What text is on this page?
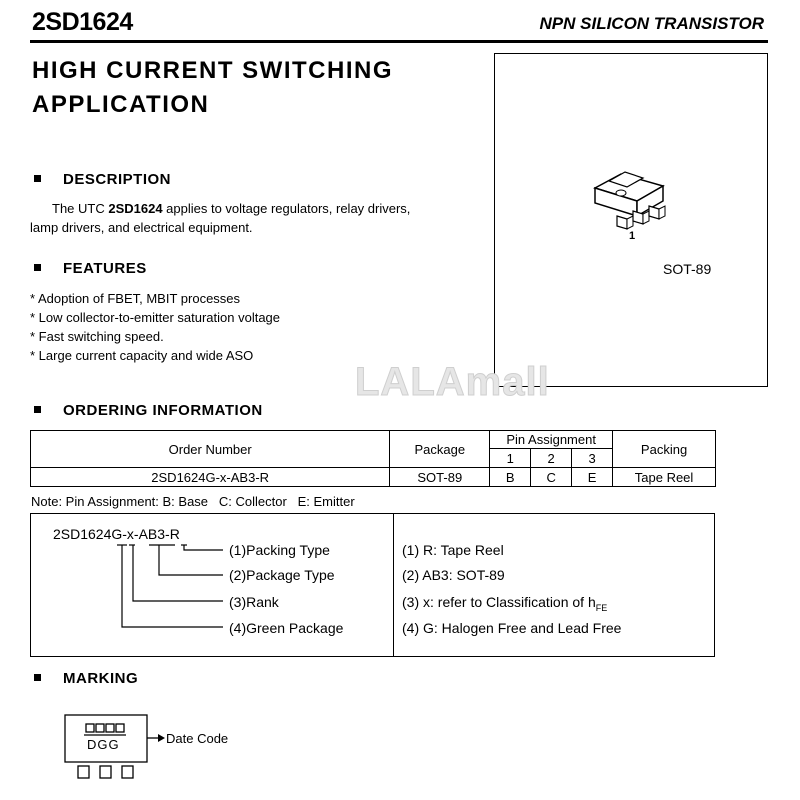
2SD1624	NPN SILICON TRANSISTOR
HIGH CURRENT SWITCHING
APPLICATION
1
SOT-89
LALAmall
DESCRIPTION
The UTC 2SD1624 applies to voltage regulators, relay drivers,
lamp drivers, and electrical equipment.
FEATURES
* Adoption of FBET, MBIT processes
* Low collector-to-emitter saturation voltage
* Fast switching speed.
* Large current capacity and wide ASO
ORDERING INFORMATION
Order Number	Package	Pin Assignment			Packing
		1	2	3	
2SD1624G-x-AB3-R	SOT-89	B	C	E	Tape Reel
Note: Pin Assignment: B: Base   C: Collector   E: Emitter
2SD1624G-x-AB3-R
(1)Packing Type
(2)Package Type
(3)Rank
(4)Green Package
(1) R: Tape Reel
(2) AB3: SOT-89
(3) x: refer to Classification of $h_{FE}$
(4) G: Halogen Free and Lead Free
MARKING
DGG	Date Code
